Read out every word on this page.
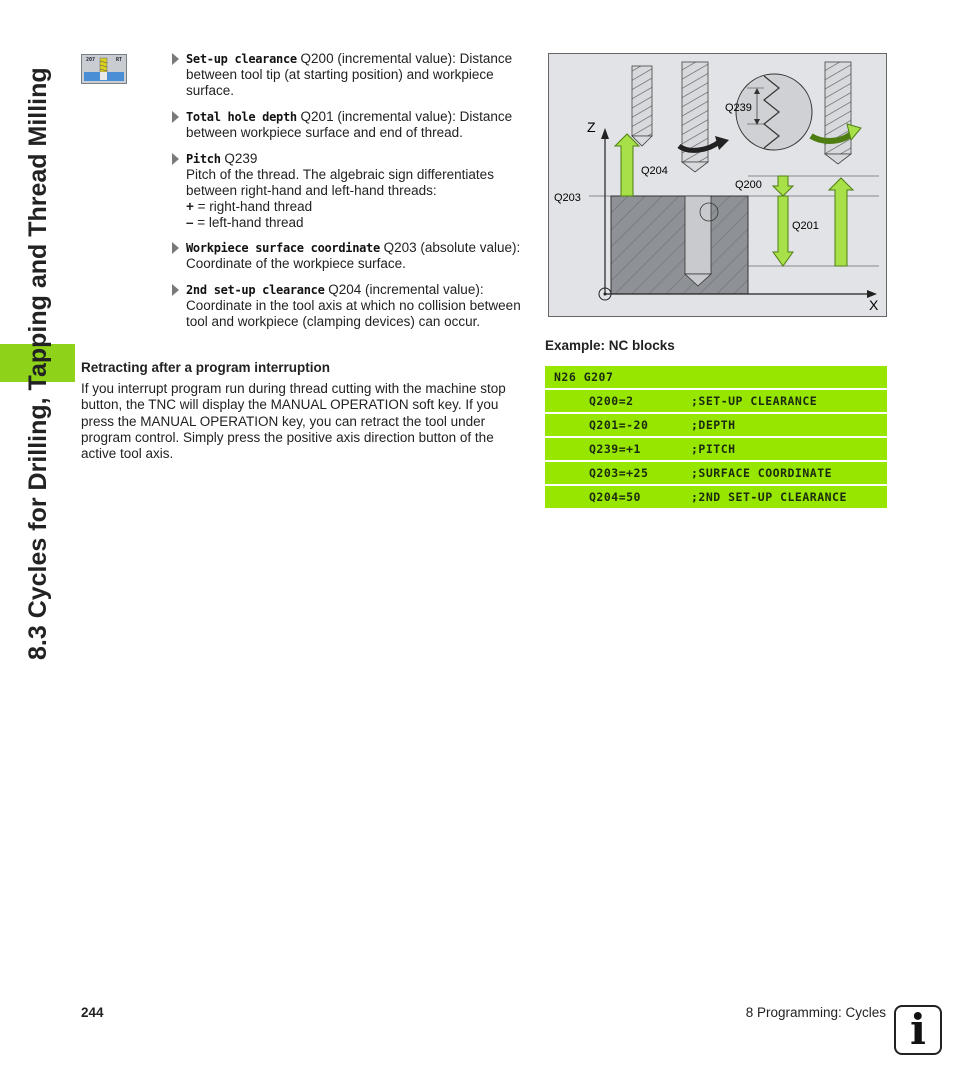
8.3 Cycles for Drilling, Tapping and Thread Milling
207	RT	Set-up clearance Q200 (incremental value): Distance between tool tip (at starting position) and workpiece surface.
Total hole depth Q201 (incremental value): Distance between workpiece surface and end of thread.
Pitch Q239
Pitch of the thread. The algebraic sign differentiates between right-hand and left-hand threads:
+ = right-hand thread
– = left-hand thread
Workpiece surface coordinate Q203 (absolute value): Coordinate of the workpiece surface.
2nd set-up clearance Q204 (incremental value): Coordinate in the tool axis at which no collision between tool and workpiece (clamping devices) can occur.
Retracting after a program interruption
If you interrupt program run during thread cutting with the machine stop button, the TNC will display the MANUAL OPERATION soft key. If you press the MANUAL OPERATION key, you can retract the tool under program control. Simply press the positive axis direction button of the active tool axis.
Z
X
Q239
Q204
Q203
Q200
Q201
Example: NC blocks
N26 G207
Q200=2	;SET-UP CLEARANCE
Q201=-20	;DEPTH
Q239=+1	;PITCH
Q203=+25	;SURFACE COORDINATE
Q204=50	;2ND SET-UP CLEARANCE
244	8 Programming: Cycles i
